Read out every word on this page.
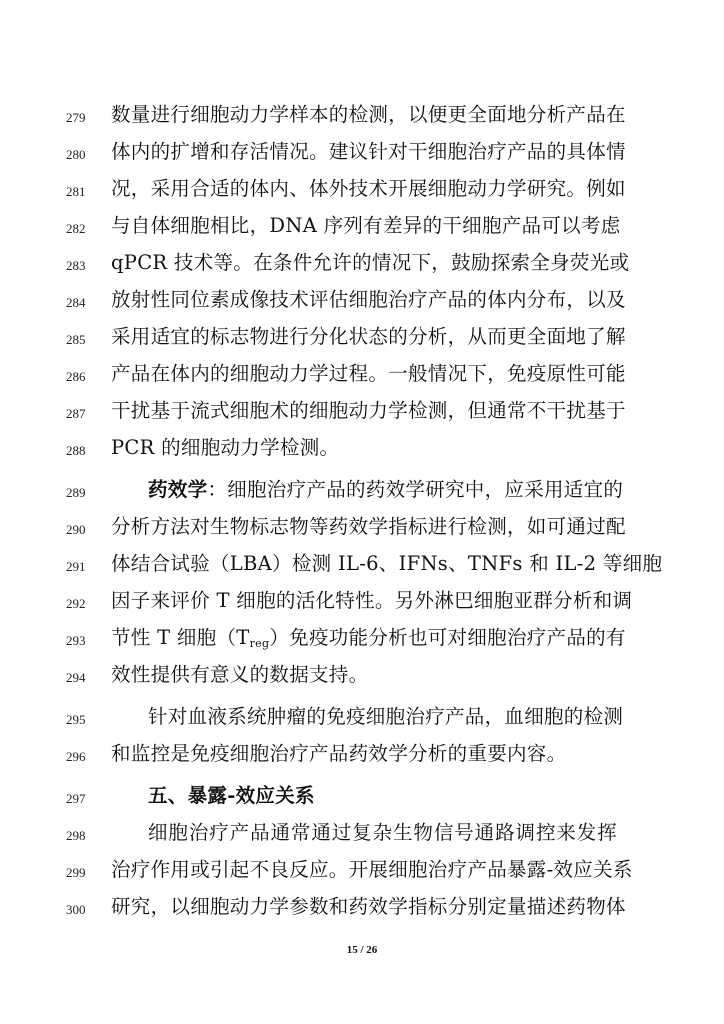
279	数量进行细胞动力学样本的检测，以便更全面地分析产品在
280	体内的扩增和存活情况。建议针对干细胞治疗产品的具体情
281	况，采用合适的体内、体外技术开展细胞动力学研究。例如
282	与自体细胞相比，DNA 序列有差异的干细胞产品可以考虑
283	qPCR 技术等。在条件允许的情况下，鼓励探索全身荧光或
284	放射性同位素成像技术评估细胞治疗产品的体内分布，以及
285	采用适宜的标志物进行分化状态的分析，从而更全面地了解
286	产品在体内的细胞动力学过程。一般情况下，免疫原性可能
287	干扰基于流式细胞术的细胞动力学检测，但通常不干扰基于
288	PCR 的细胞动力学检测。
289	药效学：细胞治疗产品的药效学研究中，应采用适宜的
290	分析方法对生物标志物等药效学指标进行检测，如可通过配
291	体结合试验（LBA）检测 IL-6、IFNs、TNFs 和 IL-2 等细胞
292	因子来评价 T 细胞的活化特性。另外淋巴细胞亚群分析和调
293	节性 T 细胞$(T_{reg})$免疫功能分析也可对细胞治疗产品的有
294	效性提供有意义的数据支持。
295	针对血液系统肿瘤的免疫细胞治疗产品，血细胞的检测
296	和监控是免疫细胞治疗产品药效学分析的重要内容。
297	五、暴露-效应关系
298	细胞治疗产品通常通过复杂生物信号通路调控来发挥
299	治疗作用或引起不良反应。开展细胞治疗产品暴露-效应关系
300	研究，以细胞动力学参数和药效学指标分别定量描述药物体
15 / 26
